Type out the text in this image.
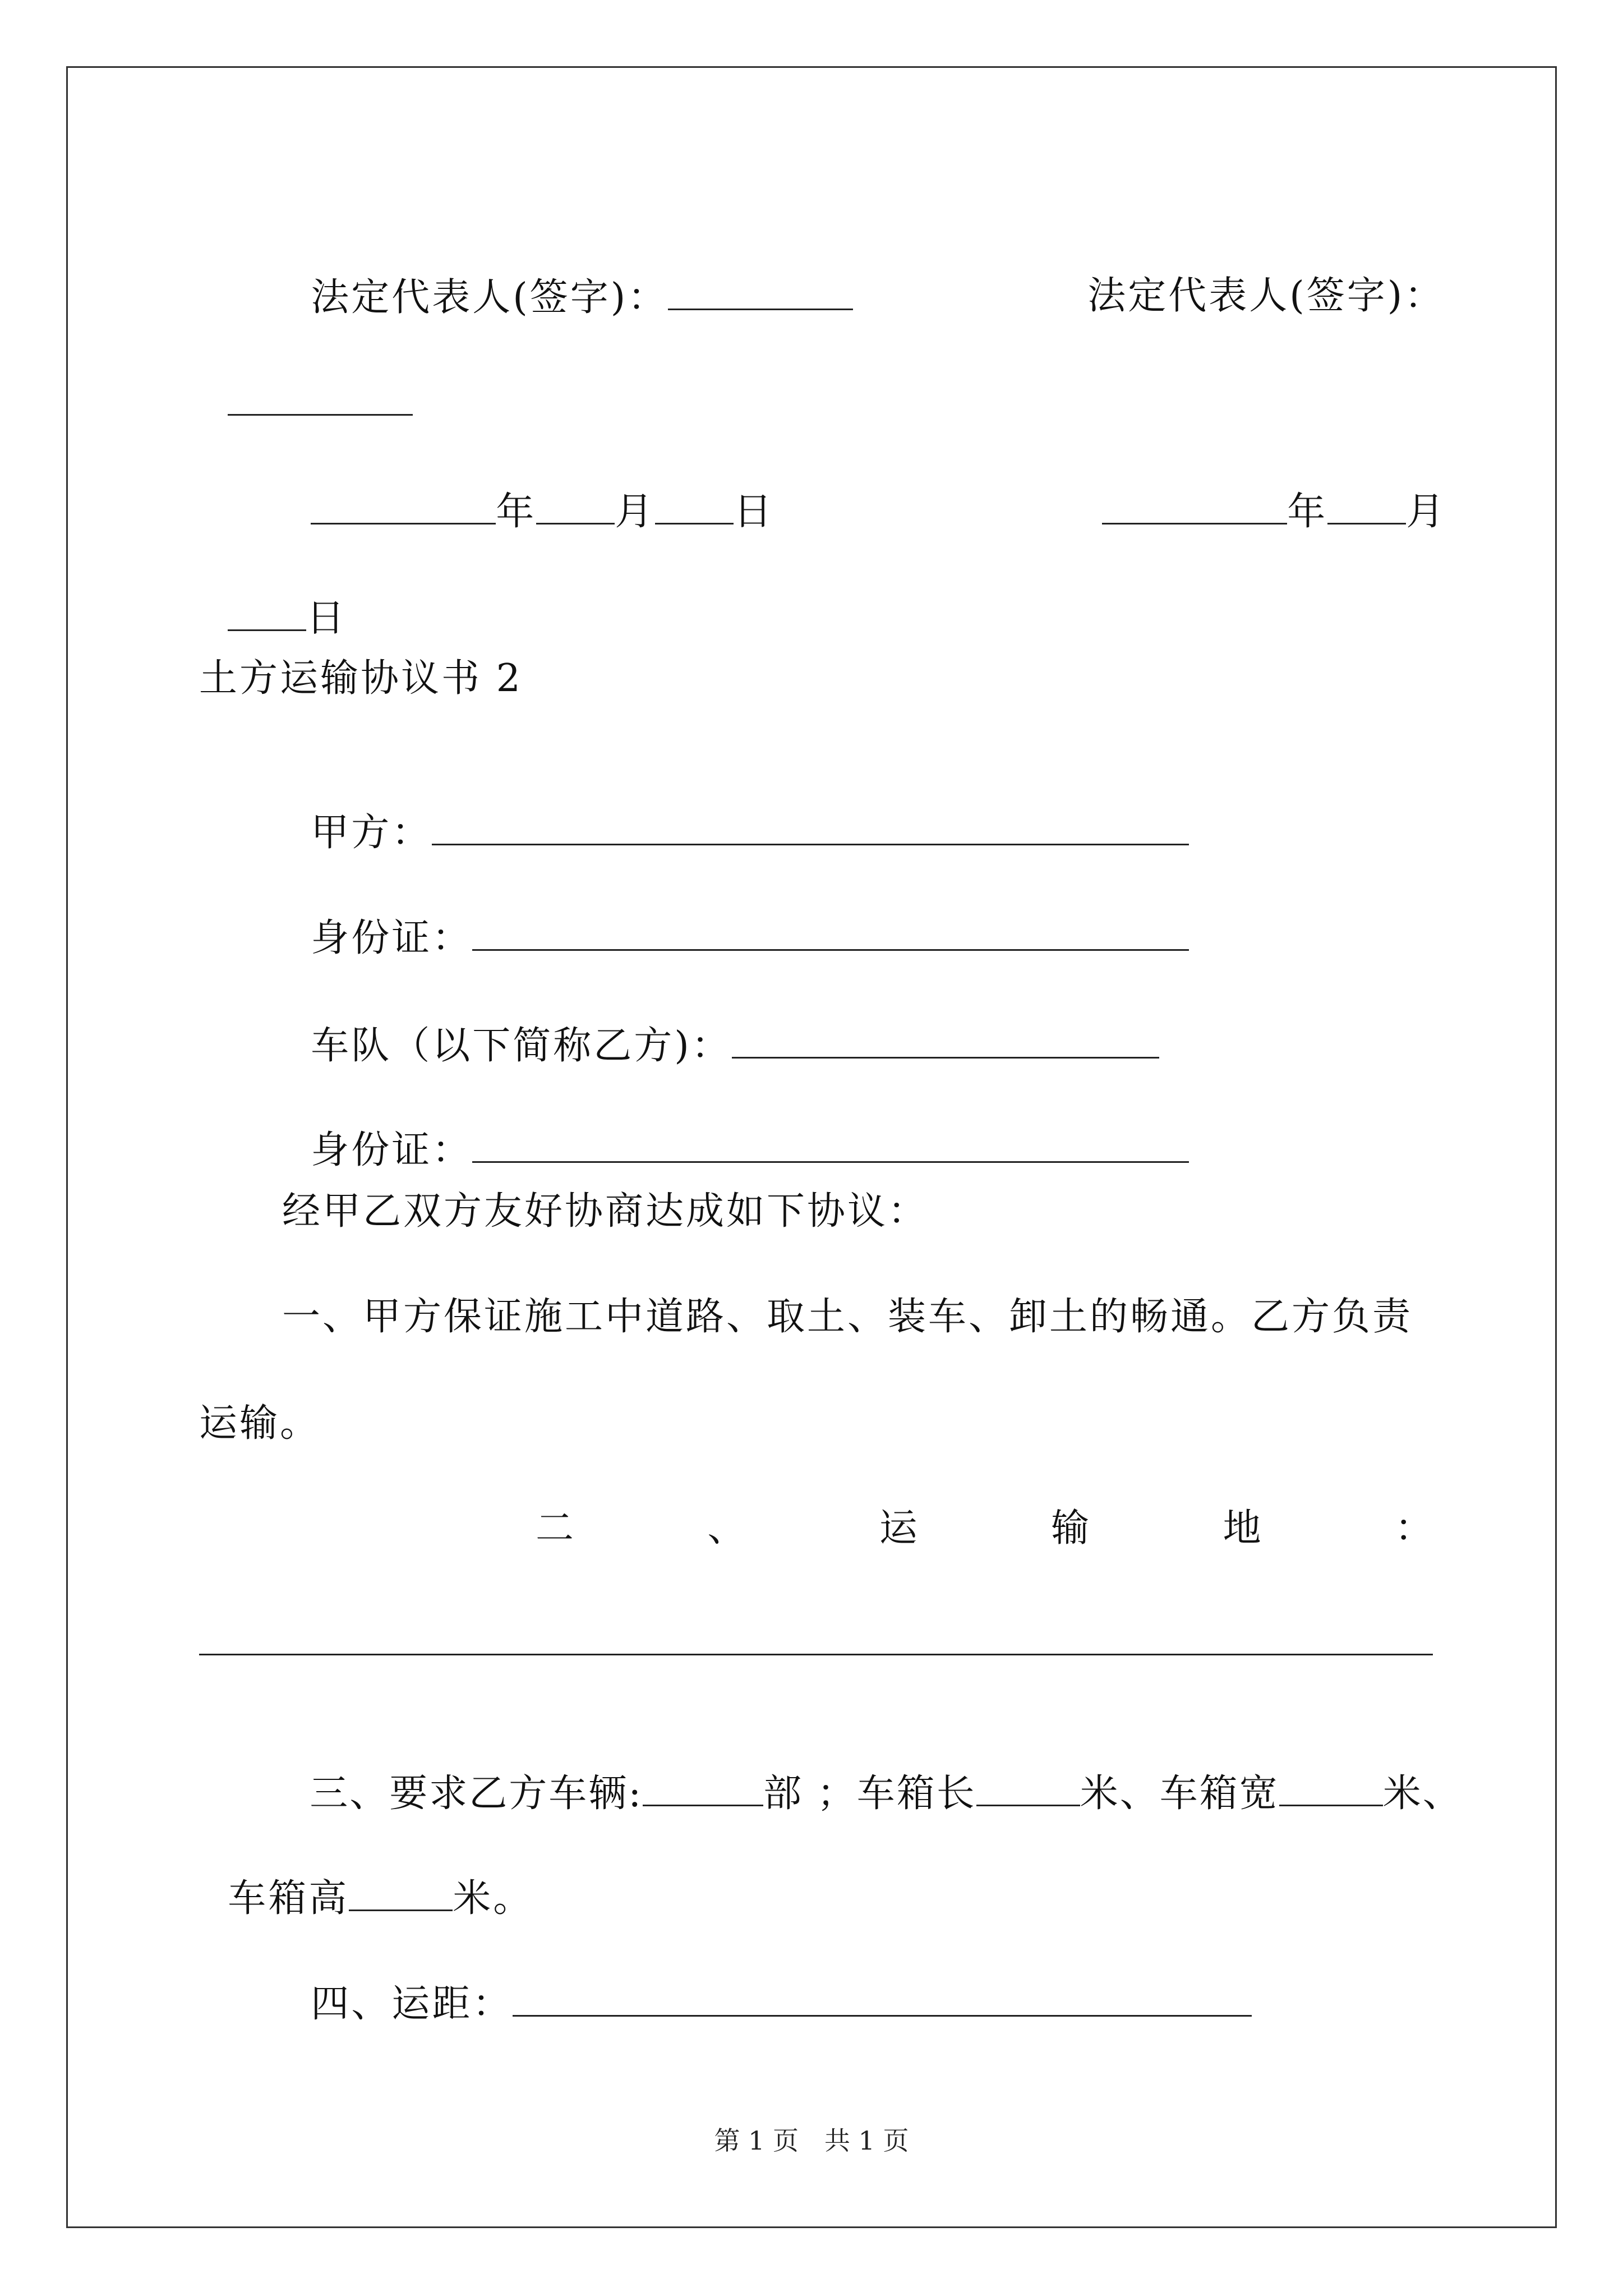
法定代表人(签字)：	法定代表人(签字)：

年 月 日	年 月

日

土方运输协议书 2

甲方：

身份证：

车队（以下简称乙方)：

身份证：

经甲乙双方友好协商达成如下协议：
一、甲方保证施工中道路、取土、装车、卸土的畅通。乙方负责
运输。
二	、	运	输	地	：

三、要求乙方车辆:	部 ；车箱长	米、车箱宽	米、

车箱高	米。

四、运距：

第 1 页　共 1 页
